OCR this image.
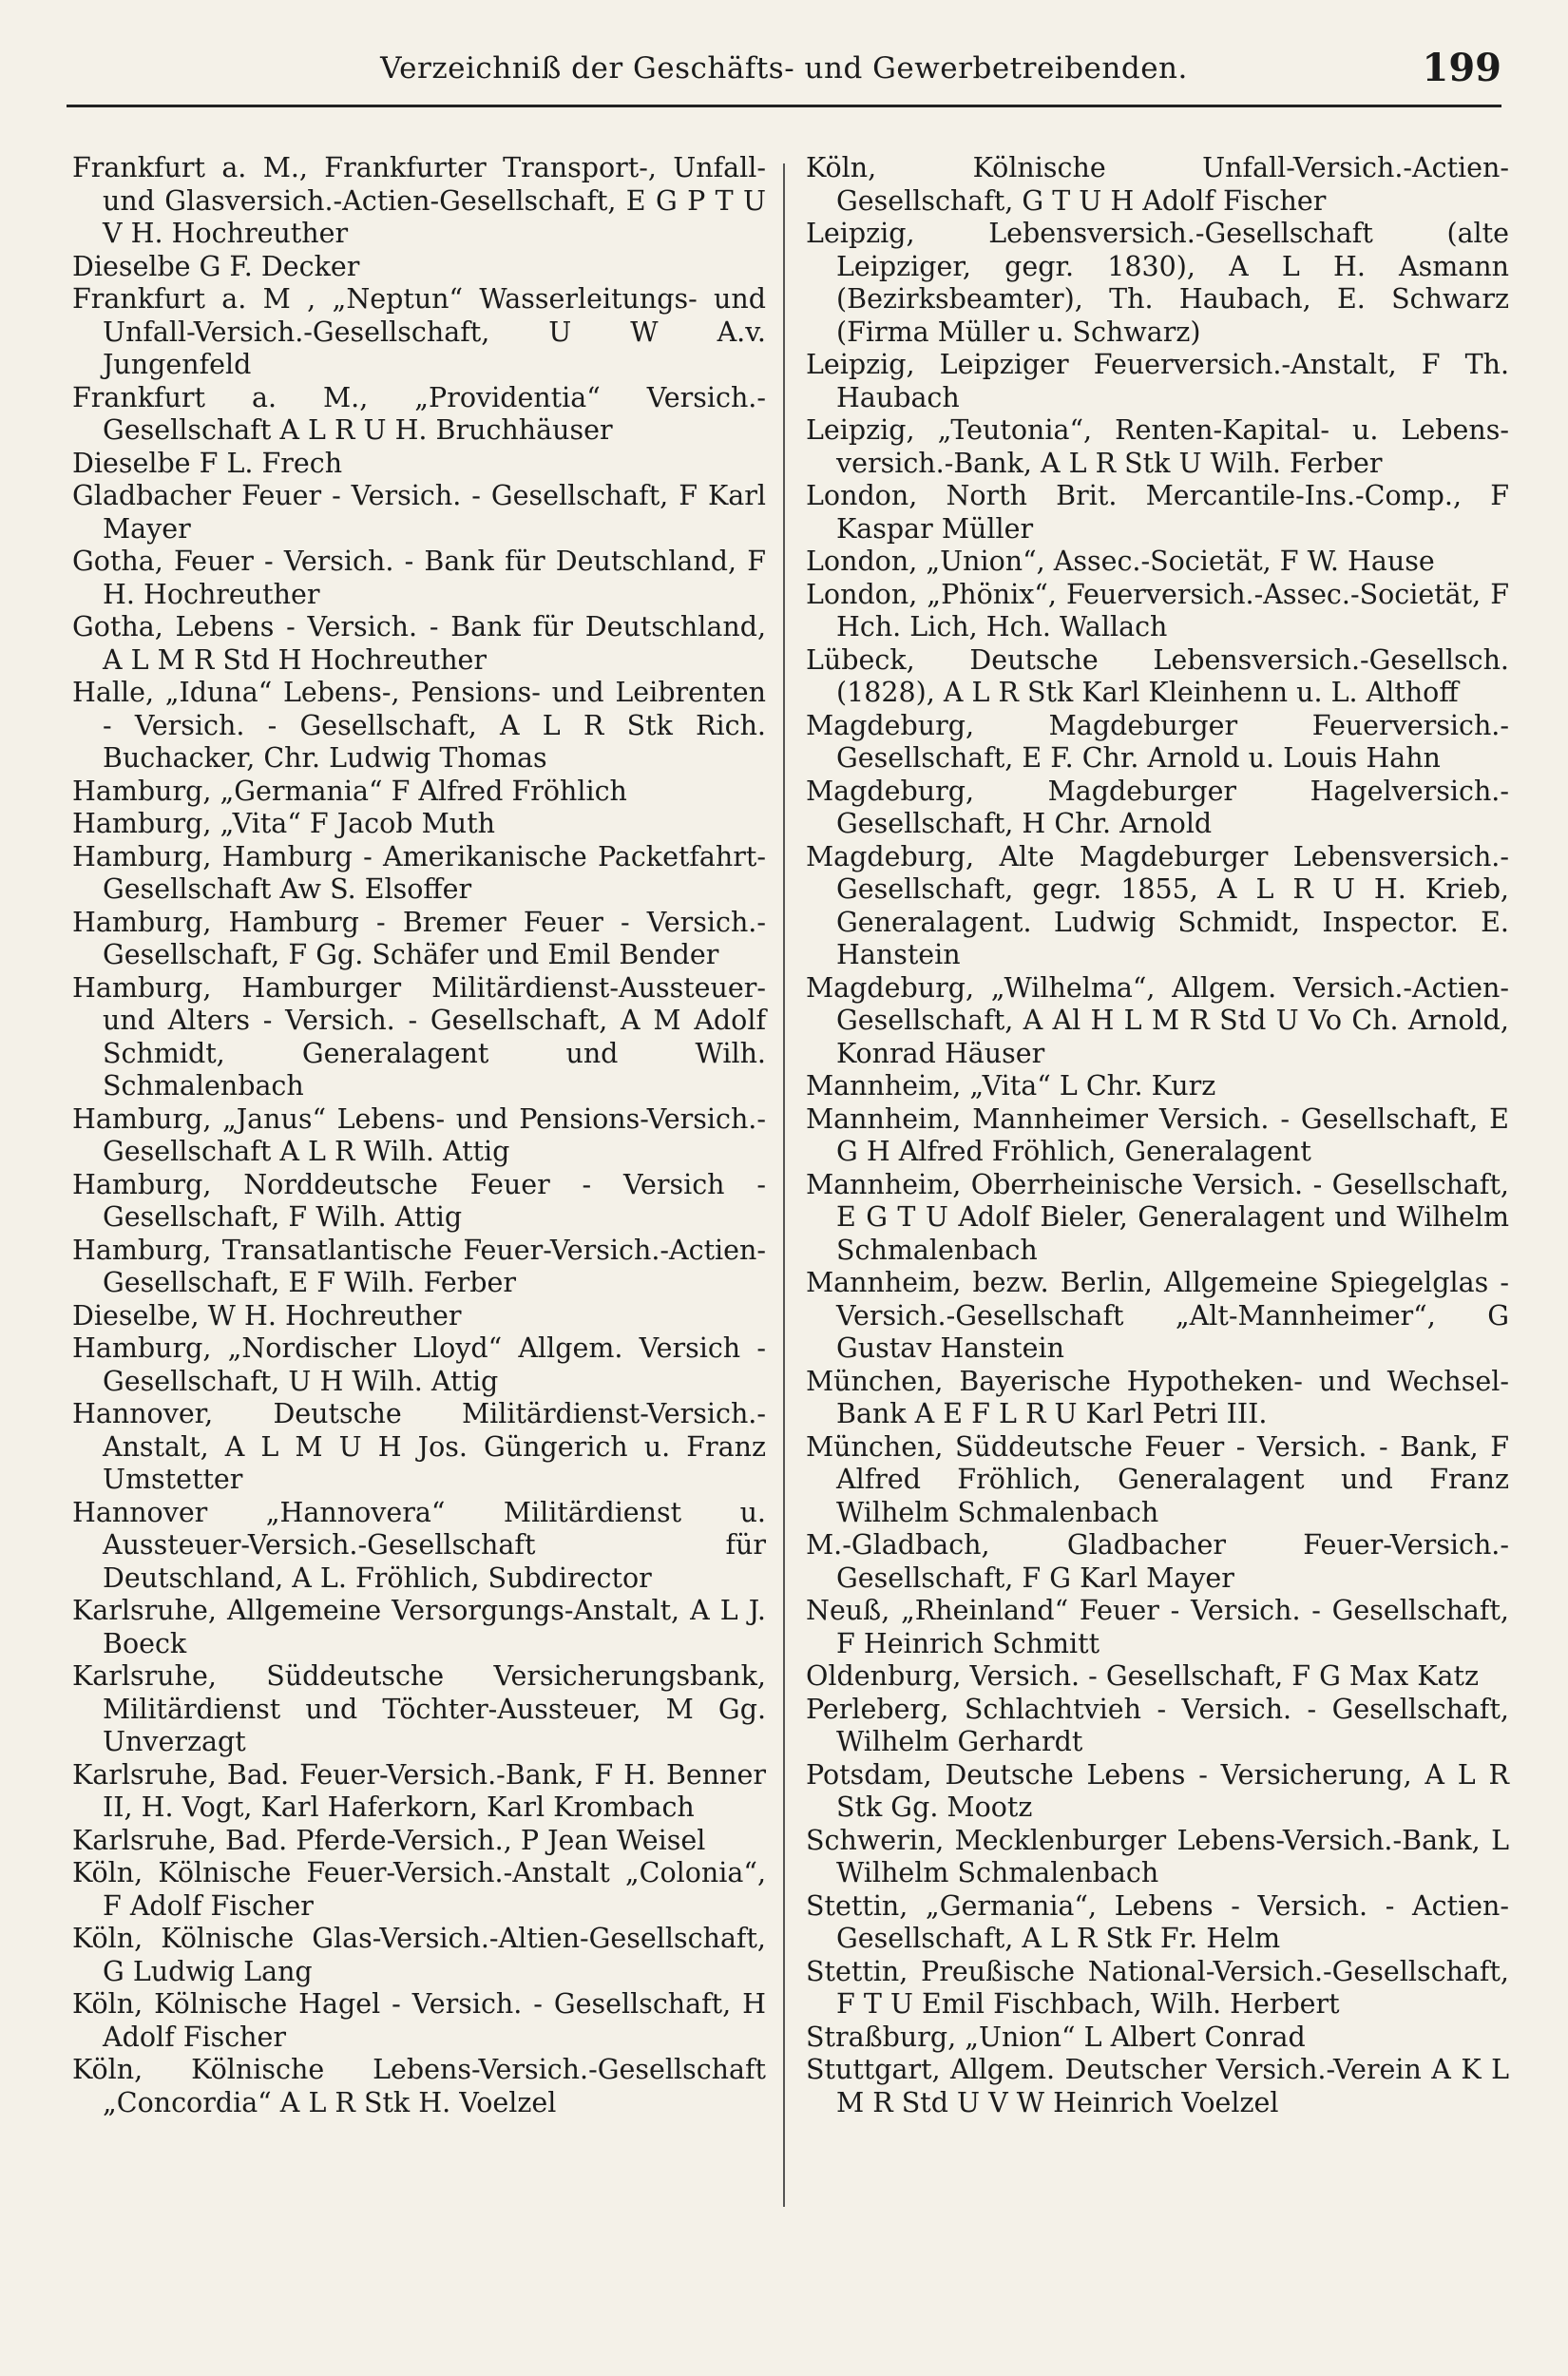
Verzeichniß der Geschäfts- und Gewerbetreibenden.	199
Frankfurt a. M., Frankfurter Transport-, Unfall- und Glasversich.-Actien-Gesellschaft, E G P T U V H. Hochreuther
Dieselbe G F. Decker
Frankfurt a. M , „Neptun“ Wasserleitungs- und Unfall-Versich.-Gesellschaft, U W A.v. Jungenfeld
Frankfurt a. M., „Providentia“ Versich.-Gesellschaft A L R U H. Bruchhäuser
Dieselbe F L. Frech
Gladbacher Feuer - Versich. - Gesellschaft, F Karl Mayer
Gotha, Feuer - Versich. - Bank für Deutschland, F H. Hochreuther
Gotha, Lebens - Versich. - Bank für Deutschland, A L M R Std H Hochreuther
Halle, „Iduna“ Lebens-, Pensions- und Leibrenten - Versich. - Gesellschaft, A L R Stk Rich. Buchacker, Chr. Ludwig Thomas
Hamburg, „Germania“ F Alfred Fröhlich
Hamburg, „Vita“ F Jacob Muth
Hamburg, Hamburg - Amerikanische Packetfahrt-Gesellschaft Aw S. Elsoffer
Hamburg, Hamburg - Bremer Feuer - Versich.-Gesellschaft, F Gg. Schäfer und Emil Bender
Hamburg, Hamburger Militärdienst-Aussteuer- und Alters - Versich. - Gesellschaft, A M Adolf Schmidt, Generalagent und Wilh. Schmalenbach
Hamburg, „Janus“ Lebens- und Pensions-Versich.-Gesellschaft A L R Wilh. Attig
Hamburg, Norddeutsche Feuer - Versich - Gesellschaft, F Wilh. Attig
Hamburg, Transatlantische Feuer-Versich.-Actien-Gesellschaft, E F Wilh. Ferber
Dieselbe, W H. Hochreuther
Hamburg, „Nordischer Lloyd“ Allgem. Versich - Gesellschaft, U H Wilh. Attig
Hannover, Deutsche Militärdienst-Versich.-Anstalt, A L M U H Jos. Güngerich u. Franz Umstetter
Hannover „Hannovera“ Militärdienst u. Aussteuer-Versich.-Gesellschaft für Deutschland, A L. Fröhlich, Subdirector
Karlsruhe, Allgemeine Versorgungs-Anstalt, A L J. Boeck
Karlsruhe, Süddeutsche Versicherungsbank, Militärdienst und Töchter-Aussteuer, M Gg. Unverzagt
Karlsruhe, Bad. Feuer-Versich.-Bank, F H. Benner II, H. Vogt, Karl Haferkorn, Karl Krombach
Karlsruhe, Bad. Pferde-Versich., P Jean Weisel
Köln, Kölnische Feuer-Versich.-Anstalt „Colonia“, F Adolf Fischer
Köln, Kölnische Glas-Versich.-Altien-Gesellschaft, G Ludwig Lang
Köln, Kölnische Hagel - Versich. - Gesellschaft, H Adolf Fischer
Köln, Kölnische Lebens-Versich.-Gesellschaft „Concordia“ A L R Stk H. Voelzel
Köln, Kölnische Unfall-Versich.-Actien-Gesellschaft, G T U H Adolf Fischer
Leipzig, Lebensversich.-Gesellschaft (alte Leipziger, gegr. 1830), A L H. Asmann (Bezirksbeamter), Th. Haubach, E. Schwarz (Firma Müller u. Schwarz)
Leipzig, Leipziger Feuerversich.-Anstalt, F Th. Haubach
Leipzig, „Teutonia“, Renten-Kapital- u. Lebens-versich.-Bank, A L R Stk U Wilh. Ferber
London, North Brit. Mercantile-Ins.-Comp., F Kaspar Müller
London, „Union“, Assec.-Societät, F W. Hause
London, „Phönix“, Feuerversich.-Assec.-Societät, F Hch. Lich, Hch. Wallach
Lübeck, Deutsche Lebensversich.-Gesellsch. (1828), A L R Stk Karl Kleinhenn u. L. Althoff
Magdeburg, Magdeburger Feuerversich.-Gesellschaft, E F. Chr. Arnold u. Louis Hahn
Magdeburg, Magdeburger Hagelversich.-Gesellschaft, H Chr. Arnold
Magdeburg, Alte Magdeburger Lebensversich.-Gesellschaft, gegr. 1855, A L R U H. Krieb, Generalagent. Ludwig Schmidt, Inspector. E. Hanstein
Magdeburg, „Wilhelma“, Allgem. Versich.-Actien-Gesellschaft, A Al H L M R Std U Vo Ch. Arnold, Konrad Häuser
Mannheim, „Vita“ L Chr. Kurz
Mannheim, Mannheimer Versich. - Gesellschaft, E G H Alfred Fröhlich, Generalagent
Mannheim, Oberrheinische Versich. - Gesellschaft, E G T U Adolf Bieler, Generalagent und Wilhelm Schmalenbach
Mannheim, bezw. Berlin, Allgemeine Spiegelglas - Versich.-Gesellschaft „Alt-Mannheimer“, G Gustav Hanstein
München, Bayerische Hypotheken- und Wechsel-Bank A E F L R U Karl Petri III.
München, Süddeutsche Feuer - Versich. - Bank, F Alfred Fröhlich, Generalagent und Franz Wilhelm Schmalenbach
M.-Gladbach, Gladbacher Feuer-Versich.-Gesellschaft, F G Karl Mayer
Neuß, „Rheinland“ Feuer - Versich. - Gesellschaft, F Heinrich Schmitt
Oldenburg, Versich. - Gesellschaft, F G Max Katz
Perleberg, Schlachtvieh - Versich. - Gesellschaft, Wilhelm Gerhardt
Potsdam, Deutsche Lebens - Versicherung, A L R Stk Gg. Mootz
Schwerin, Mecklenburger Lebens-Versich.-Bank, L Wilhelm Schmalenbach
Stettin, „Germania“, Lebens - Versich. - Actien-Gesellschaft, A L R Stk Fr. Helm
Stettin, Preußische National-Versich.-Gesellschaft, F T U Emil Fischbach, Wilh. Herbert
Straßburg, „Union“ L Albert Conrad
Stuttgart, Allgem. Deutscher Versich.-Verein A K L M R Std U V W Heinrich Voelzel
